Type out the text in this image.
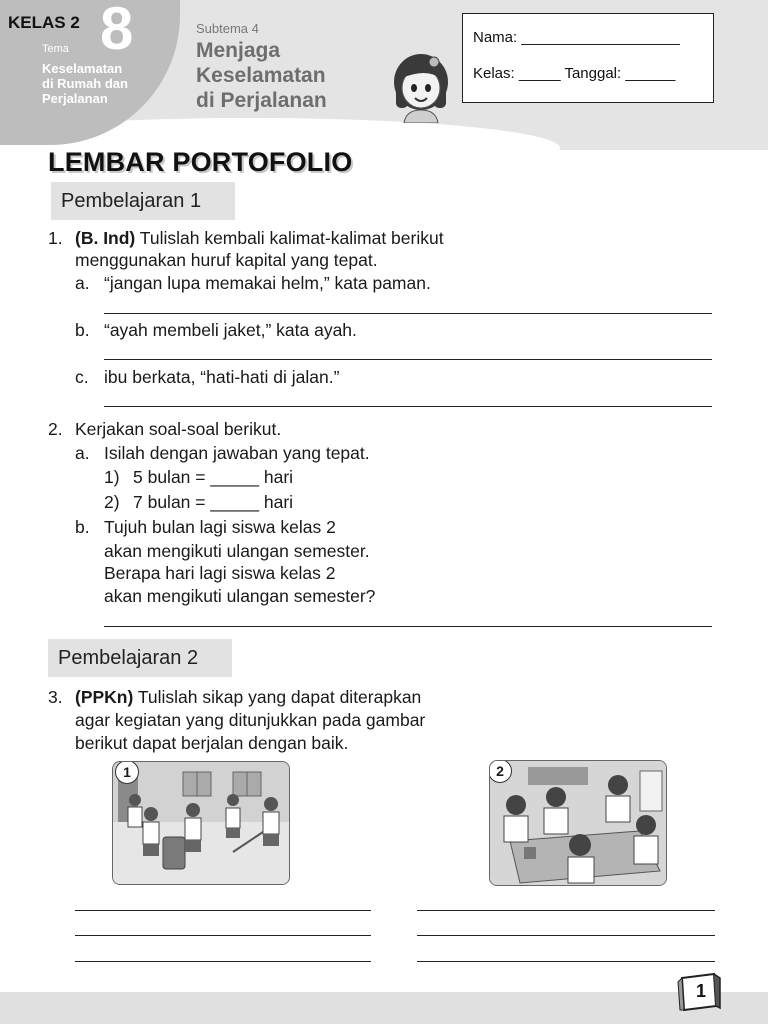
KELAS 2 8
Tema
Keselamatan
di Rumah dan
Perjalanan
Subtema 4
Menjaga
Keselamatan
di Perjalanan
Nama: ___________________
Kelas: _____ Tanggal: ______
LEMBAR PORTOFOLIO
Pembelajaran 1
1. (B. Ind) Tulislah kembali kalimat-kalimat berikut
menggunakan huruf kapital yang tepat.
a. “jangan lupa memakai helm,” kata paman.
b. “ayah membeli jaket,” kata ayah.
c. ibu berkata, “hati-hati di jalan.”
2. Kerjakan soal-soal berikut.
a. Isilah dengan jawaban yang tepat.
1) 5 bulan = _____ hari
2) 7 bulan = _____ hari
b. Tujuh bulan lagi siswa kelas 2
akan mengikuti ulangan semester.
Berapa hari lagi siswa kelas 2
akan mengikuti ulangan semester?
Pembelajaran 2
3. (PPKn) Tulislah sikap yang dapat diterapkan
agar kegiatan yang ditunjukkan pada gambar
berikut dapat berjalan dengan baik.
1	2
1
